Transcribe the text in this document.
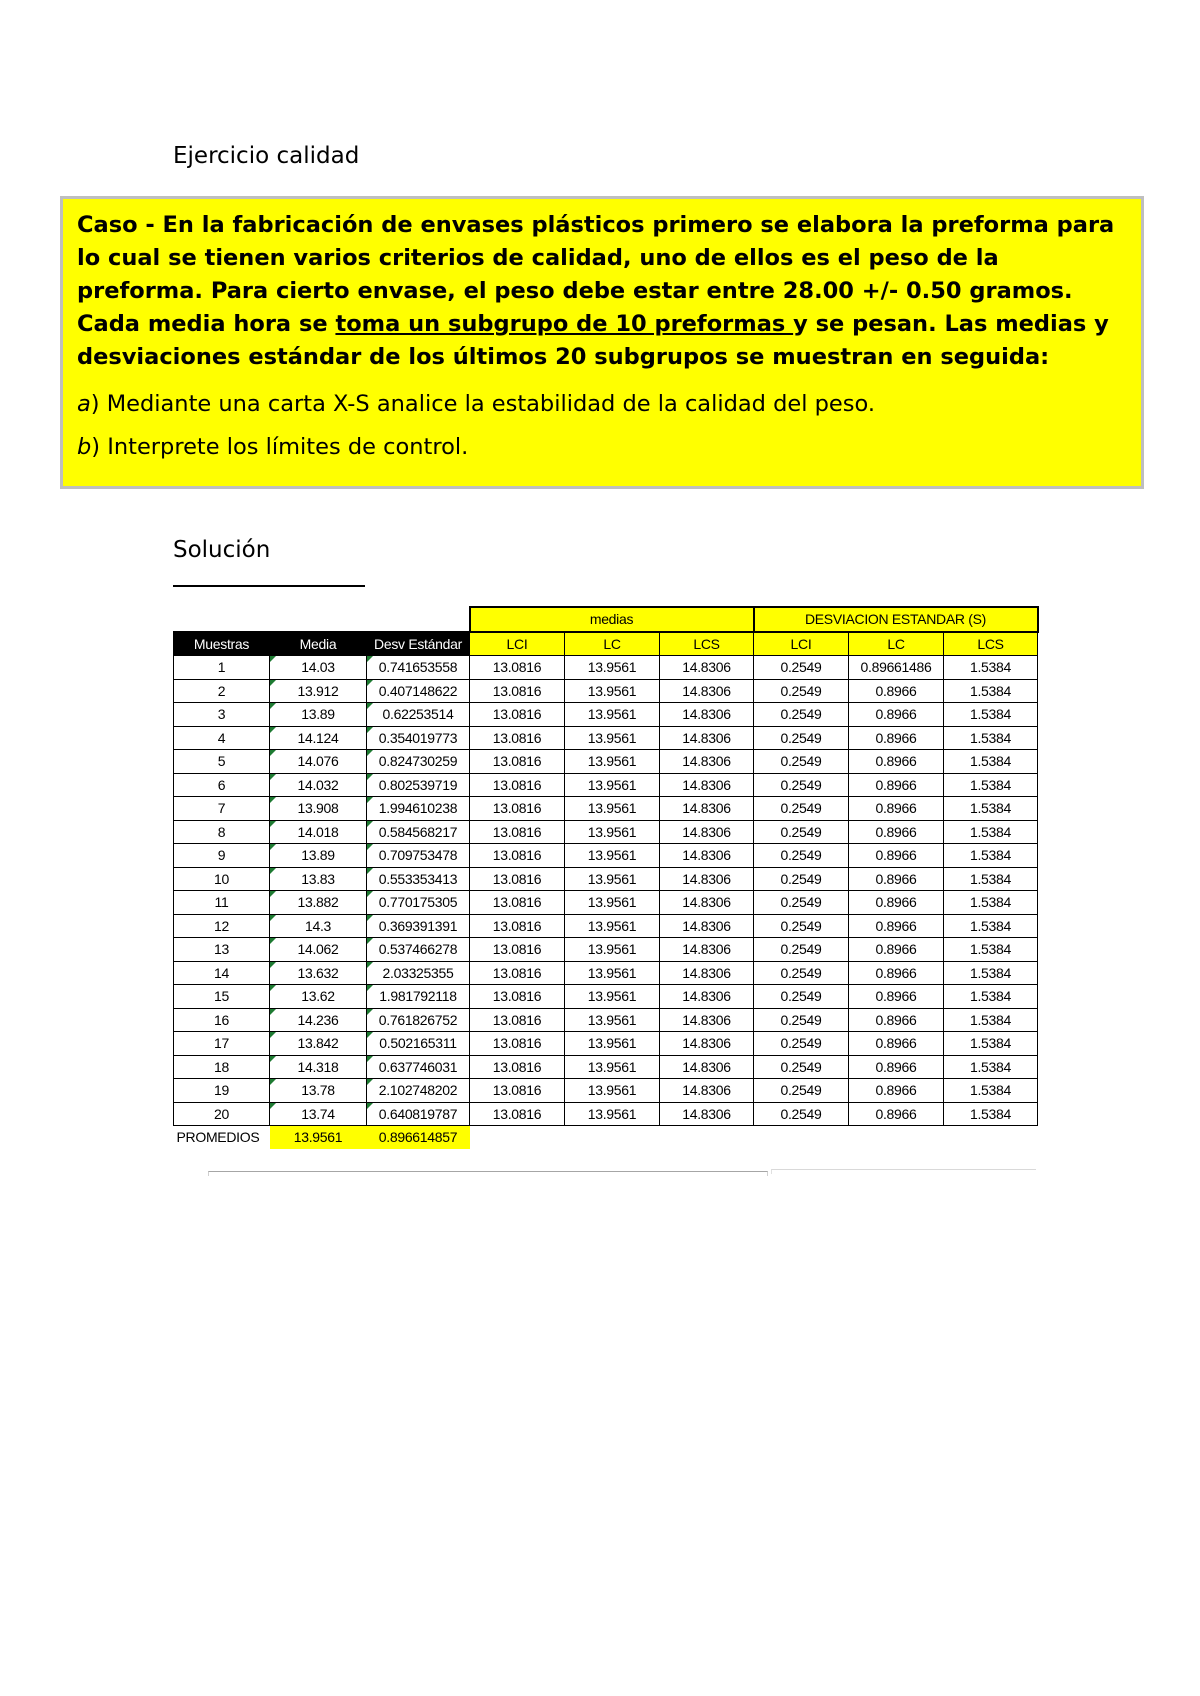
Ejercicio calidad

Caso - En la fabricación de envases plásticos primero se elabora la preforma para lo cual se tienen varios criterios de calidad, uno de ellos es el peso de la preforma. Para cierto envase, el peso debe estar entre 28.00 +/- 0.50 gramos. Cada media hora se toma un subgrupo de 10 preformas y se pesan. Las medias y desviaciones estándar de los últimos 20 subgrupos se muestran en seguida:

a) Mediante una carta X-S analice la estabilidad de la calidad del peso.

b) Interprete los límites de control.

Solución
			medias			DESVIACION ESTANDAR (S)		
Muestras	Media	Desv Estándar	LCI	LC	LCS	LCI	LC	LCS
1	14.03	0.741653558	13.0816	13.9561	14.8306	0.2549	0.89661486	1.5384
2	13.912	0.407148622	13.0816	13.9561	14.8306	0.2549	0.8966	1.5384
3	13.89	0.62253514	13.0816	13.9561	14.8306	0.2549	0.8966	1.5384
4	14.124	0.354019773	13.0816	13.9561	14.8306	0.2549	0.8966	1.5384
5	14.076	0.824730259	13.0816	13.9561	14.8306	0.2549	0.8966	1.5384
6	14.032	0.802539719	13.0816	13.9561	14.8306	0.2549	0.8966	1.5384
7	13.908	1.994610238	13.0816	13.9561	14.8306	0.2549	0.8966	1.5384
8	14.018	0.584568217	13.0816	13.9561	14.8306	0.2549	0.8966	1.5384
9	13.89	0.709753478	13.0816	13.9561	14.8306	0.2549	0.8966	1.5384
10	13.83	0.553353413	13.0816	13.9561	14.8306	0.2549	0.8966	1.5384
11	13.882	0.770175305	13.0816	13.9561	14.8306	0.2549	0.8966	1.5384
12	14.3	0.369391391	13.0816	13.9561	14.8306	0.2549	0.8966	1.5384
13	14.062	0.537466278	13.0816	13.9561	14.8306	0.2549	0.8966	1.5384
14	13.632	2.03325355	13.0816	13.9561	14.8306	0.2549	0.8966	1.5384
15	13.62	1.981792118	13.0816	13.9561	14.8306	0.2549	0.8966	1.5384
16	14.236	0.761826752	13.0816	13.9561	14.8306	0.2549	0.8966	1.5384
17	13.842	0.502165311	13.0816	13.9561	14.8306	0.2549	0.8966	1.5384
18	14.318	0.637746031	13.0816	13.9561	14.8306	0.2549	0.8966	1.5384
19	13.78	2.102748202	13.0816	13.9561	14.8306	0.2549	0.8966	1.5384
20	13.74	0.640819787	13.0816	13.9561	14.8306	0.2549	0.8966	1.5384
PROMEDIOS	13.9561	0.896614857						
